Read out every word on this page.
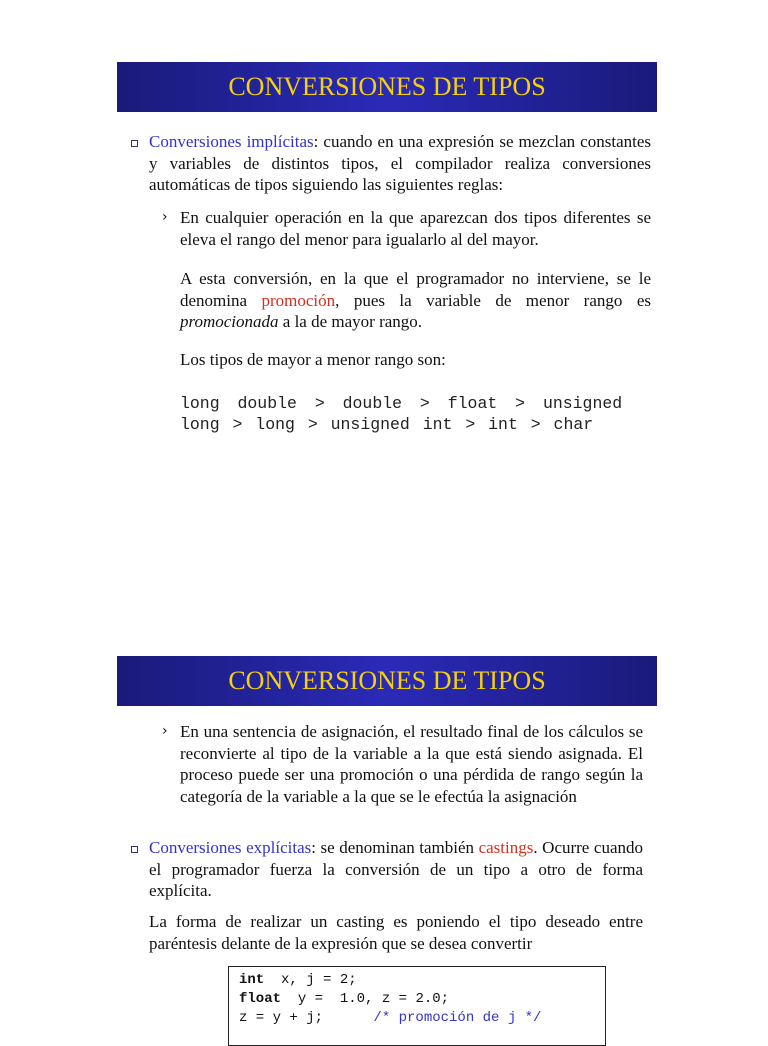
CONVERSIONES DE TIPOS
Conversiones implícitas: cuando en una expresión se mezclan constantes y variables de distintos tipos, el compilador realiza conversiones automáticas de tipos siguiendo las siguientes reglas:
› En cualquier operación en la que aparezcan dos tipos diferentes se eleva el rango del menor para igualarlo al del mayor.
A esta conversión, en la que el programador no interviene, se le denomina promoción, pues la variable de menor rango es promocionada a la de mayor rango.
Los tipos de mayor a menor rango son:
long double > double > float > unsigned
long > long > unsigned int > int > char
CONVERSIONES DE TIPOS
› En una sentencia de asignación, el resultado final de los cálculos se reconvierte al tipo de la variable a la que está siendo asignada. El proceso puede ser una promoción o una pérdida de rango según la categoría de la variable a la que se le efectúa la asignación
Conversiones explícitas: se denominan también castings. Ocurre cuando el programador fuerza la conversión de un tipo a otro de forma explícita.
La forma de realizar un casting es poniendo el tipo deseado entre paréntesis delante de la expresión que se desea convertir
int  x, j = 2;
float  y =  1.0, z = 2.0;
z = y + j;      /* promoción de j */
